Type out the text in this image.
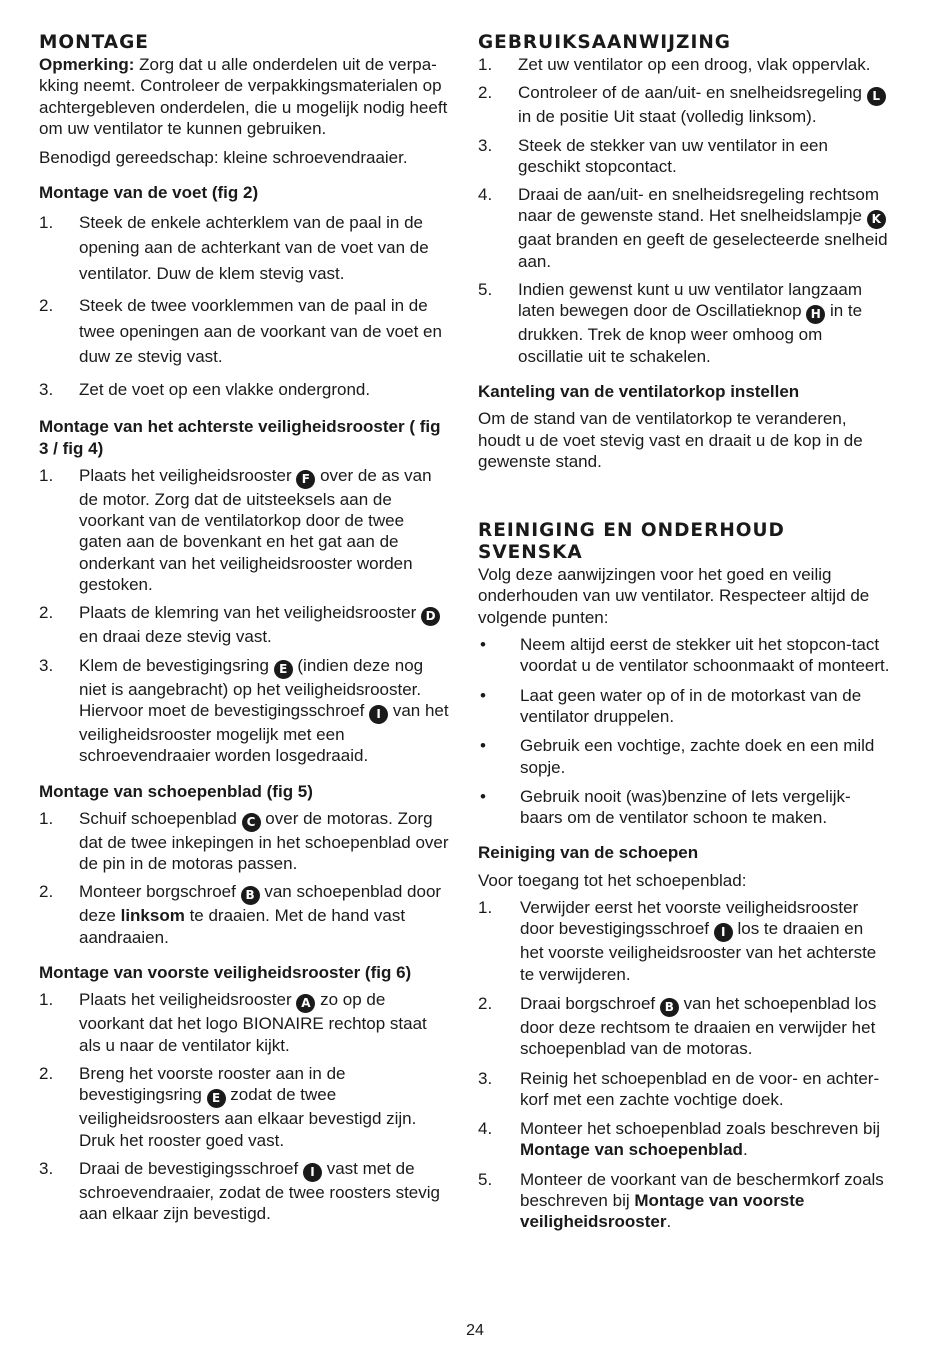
MONTAGE

Opmerking: Zorg dat u alle onderdelen uit de verpa-kking neemt. Controleer de verpakkingsmaterialen op achtergebleven onderdelen, die u mogelijk nodig heeft om uw ventilator te kunnen gebruiken.

Benodigd gereedschap: kleine schroevendraaier.

Montage van de voet (fig 2)
1. Steek de enkele achterklem van de paal in de opening aan de achterkant van de voet van de ventilator. Duw de klem stevig vast.
2. Steek de twee voorklemmen van de paal in de twee openingen aan de voorkant van de voet en duw ze stevig vast.
3. Zet de voet op een vlakke ondergrond.
Montage van het achterste veiligheidsrooster ( fig 3 / fig 4)
1. Plaats het veiligheidsrooster F over de as van de motor. Zorg dat de uitsteeksels aan de voorkant van de ventilatorkop door de twee gaten aan de bovenkant en het gat aan de onderkant van het veiligheidsrooster worden gestoken.
2. Plaats de klemring van het veiligheidsrooster D en draai deze stevig vast.
3. Klem de bevestigingsring E (indien deze nog niet is aangebracht) op het veiligheidsrooster. Hiervoor moet de bevestigingsschroef I van het veiligheidsrooster mogelijk met een schroevendraaier worden losgedraaid.
Montage van schoepenblad (fig 5)
1. Schuif schoepenblad C over de motoras. Zorg dat de twee inkepingen in het schoepenblad over de pin in de motoras passen.
2. Monteer borgschroef B van schoepenblad door deze linksom te draaien. Met de hand vast aandraaien.
Montage van voorste veiligheidsrooster (fig 6)
1. Plaats het veiligheidsrooster A zo op de voorkant dat het logo BIONAIRE rechtop staat als u naar de ventilator kijkt.
2. Breng het voorste rooster aan in de bevestigingsring E zodat de twee veiligheidsroosters aan elkaar bevestigd zijn. Druk het rooster goed vast.
3. Draai de bevestigingsschroef I vast met de schroevendraaier, zodat de twee roosters stevig aan elkaar zijn bevestigd.
GEBRUIKSAANWIJZING
1. Zet uw ventilator op een droog, vlak oppervlak.
2. Controleer of de aan/uit- en snelheidsregeling L in de positie Uit staat (volledig linksom).
3. Steek de stekker van uw ventilator in een geschikt stopcontact.
4. Draai de aan/uit- en snelheidsregeling rechtsom naar de gewenste stand. Het snelheidslampje K gaat branden en geeft de geselecteerde snelheid aan.
5. Indien gewenst kunt u uw ventilator langzaam laten bewegen door de Oscillatieknop H in te drukken. Trek de knop weer omhoog om oscillatie uit te schakelen.
Kanteling van de ventilatorkop instellen

Om de stand van de ventilatorkop te veranderen, houdt u de voet stevig vast en draait u de kop in de gewenste stand.

REINIGING EN ONDERHOUD SVENSKA

Volg deze aanwijzingen voor het goed en veilig onderhouden van uw ventilator. Respecteer altijd de volgende punten:

• Neem altijd eerst de stekker uit het stopcon-tact voordat u de ventilator schoonmaakt of monteert.
• Laat geen water op of in de motorkast van de ventilator druppelen.
• Gebruik een vochtige, zachte doek en een mild sopje.
• Gebruik nooit (was)benzine of Iets vergelijk-baars om de ventilator schoon te maken.
Reiniging van de schoepen

Voor toegang tot het schoepenblad:

1. Verwijder eerst het voorste veiligheidsrooster door bevestigingsschroef I los te draaien en het voorste veiligheidsrooster van het achterste te verwijderen.
2. Draai borgschroef B van het schoepenblad los door deze rechtsom te draaien en verwijder het schoepenblad van de motoras.
3. Reinig het schoepenblad en de voor- en achter-korf met een zachte vochtige doek.
4. Monteer het schoepenblad zoals beschreven bij Montage van schoepenblad.
5. Monteer de voorkant van de beschermkorf zoals beschreven bij Montage van voorste veiligheidsrooster.
24
